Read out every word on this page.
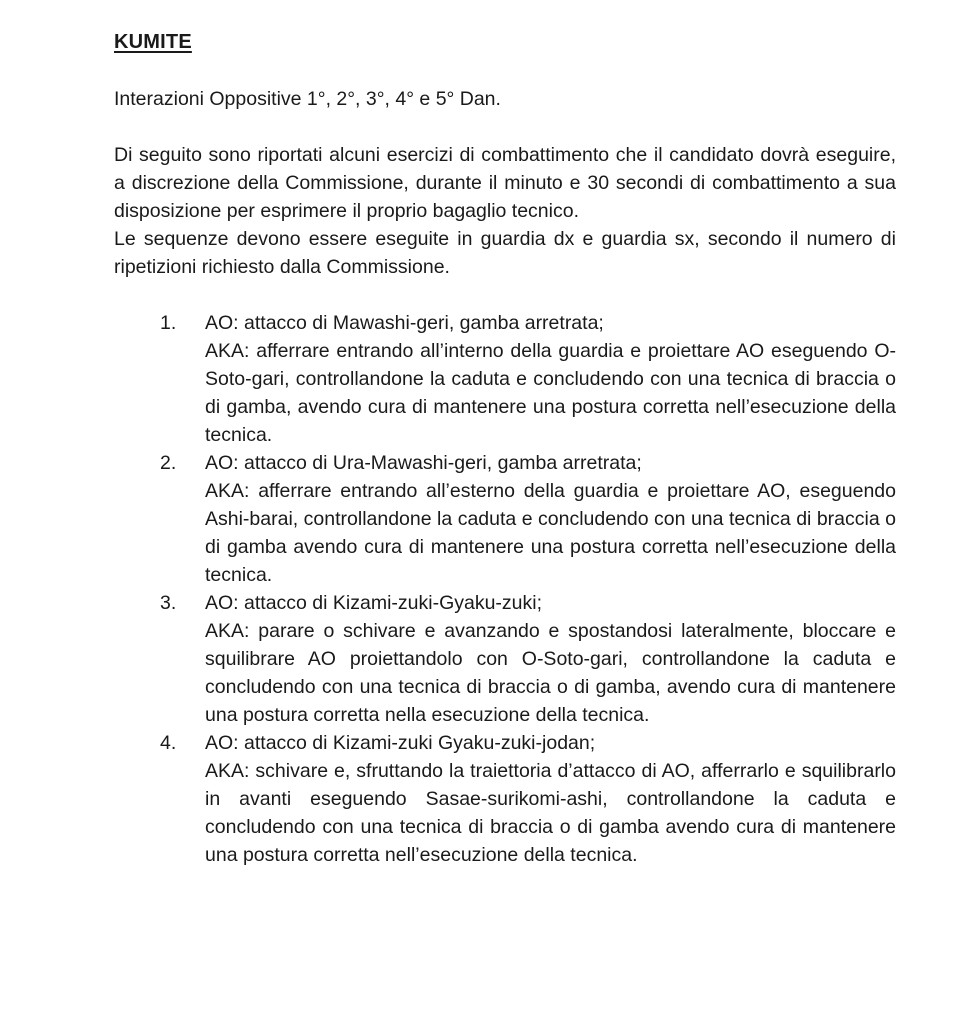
KUMITE

Interazioni Oppositive 1°, 2°, 3°, 4° e 5° Dan.

Di seguito sono riportati alcuni esercizi di combattimento che il candidato dovrà eseguire, a discrezione della Commissione, durante il minuto e 30 secondi di combattimento a sua disposizione per esprimere il proprio bagaglio tecnico.
Le sequenze devono essere eseguite in guardia dx e guardia sx, secondo il numero di ripetizioni richiesto dalla Commissione.
1. AO: attacco di Mawashi-geri, gamba arretrata;
AKA: afferrare entrando all’interno della guardia e proiettare AO eseguendo O-Soto-gari, controllandone la caduta e concludendo con una tecnica di braccia o di gamba, avendo cura di mantenere una postura corretta nell’esecuzione della tecnica.
2. AO: attacco di Ura-Mawashi-geri, gamba arretrata;
AKA: afferrare entrando all’esterno della guardia e proiettare AO, eseguendo Ashi-barai, controllandone la caduta e concludendo con una tecnica di braccia o di gamba avendo cura di mantenere una postura corretta nell’esecuzione della tecnica.
3. AO: attacco di Kizami-zuki-Gyaku-zuki;
AKA: parare o schivare e avanzando e spostandosi lateralmente, bloccare e squilibrare AO proiettandolo con O-Soto-gari, controllandone la caduta e concludendo con una tecnica di braccia o di gamba, avendo cura di mantenere una postura corretta nella esecuzione della tecnica.
4. AO: attacco di Kizami-zuki Gyaku-zuki-jodan;
AKA: schivare e, sfruttando la traiettoria d’attacco di AO, afferrarlo e squilibrarlo in avanti eseguendo Sasae-surikomi-ashi, controllandone la caduta e concludendo con una tecnica di braccia o di gamba avendo cura di mantenere una postura corretta nell’esecuzione della tecnica.
